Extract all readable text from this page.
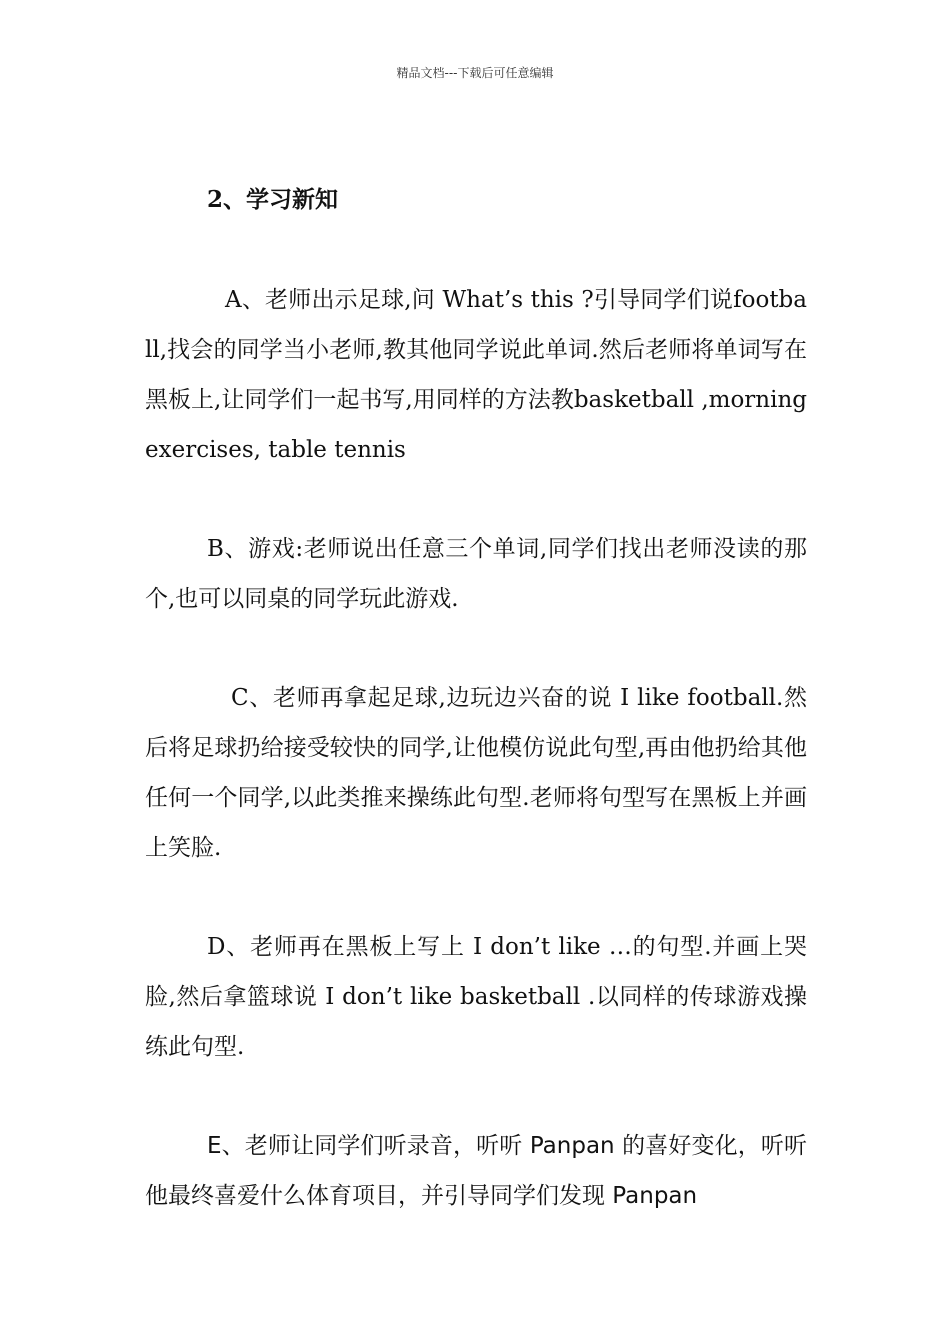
精品文档---下载后可任意编辑
2、学习新知

A、老师出示足球,问 What’s this ?引导同学们说football,找会的同学当小老师,教其他同学说此单词.然后老师将单词写在黑板上,让同学们一起书写,用同样的方法教basketball ,morning exercises, table tennis

B、游戏:老师说出任意三个单词,同学们找出老师没读的那个,也可以同桌的同学玩此游戏.

C、老师再拿起足球,边玩边兴奋的说 I like football.然后将足球扔给接受较快的同学,让他模仿说此句型,再由他扔给其他任何一个同学,以此类推来操练此句型.老师将句型写在黑板上并画上笑脸.

D、老师再在黑板上写上 I don’t like …的句型.并画上哭脸,然后拿篮球说 I don’t like basketball .以同样的传球游戏操练此句型.

E、老师让同学们听录音，听听 Panpan 的喜好变化，听听他最终喜爱什么体育项目，并引导同学们发现 Panpan
